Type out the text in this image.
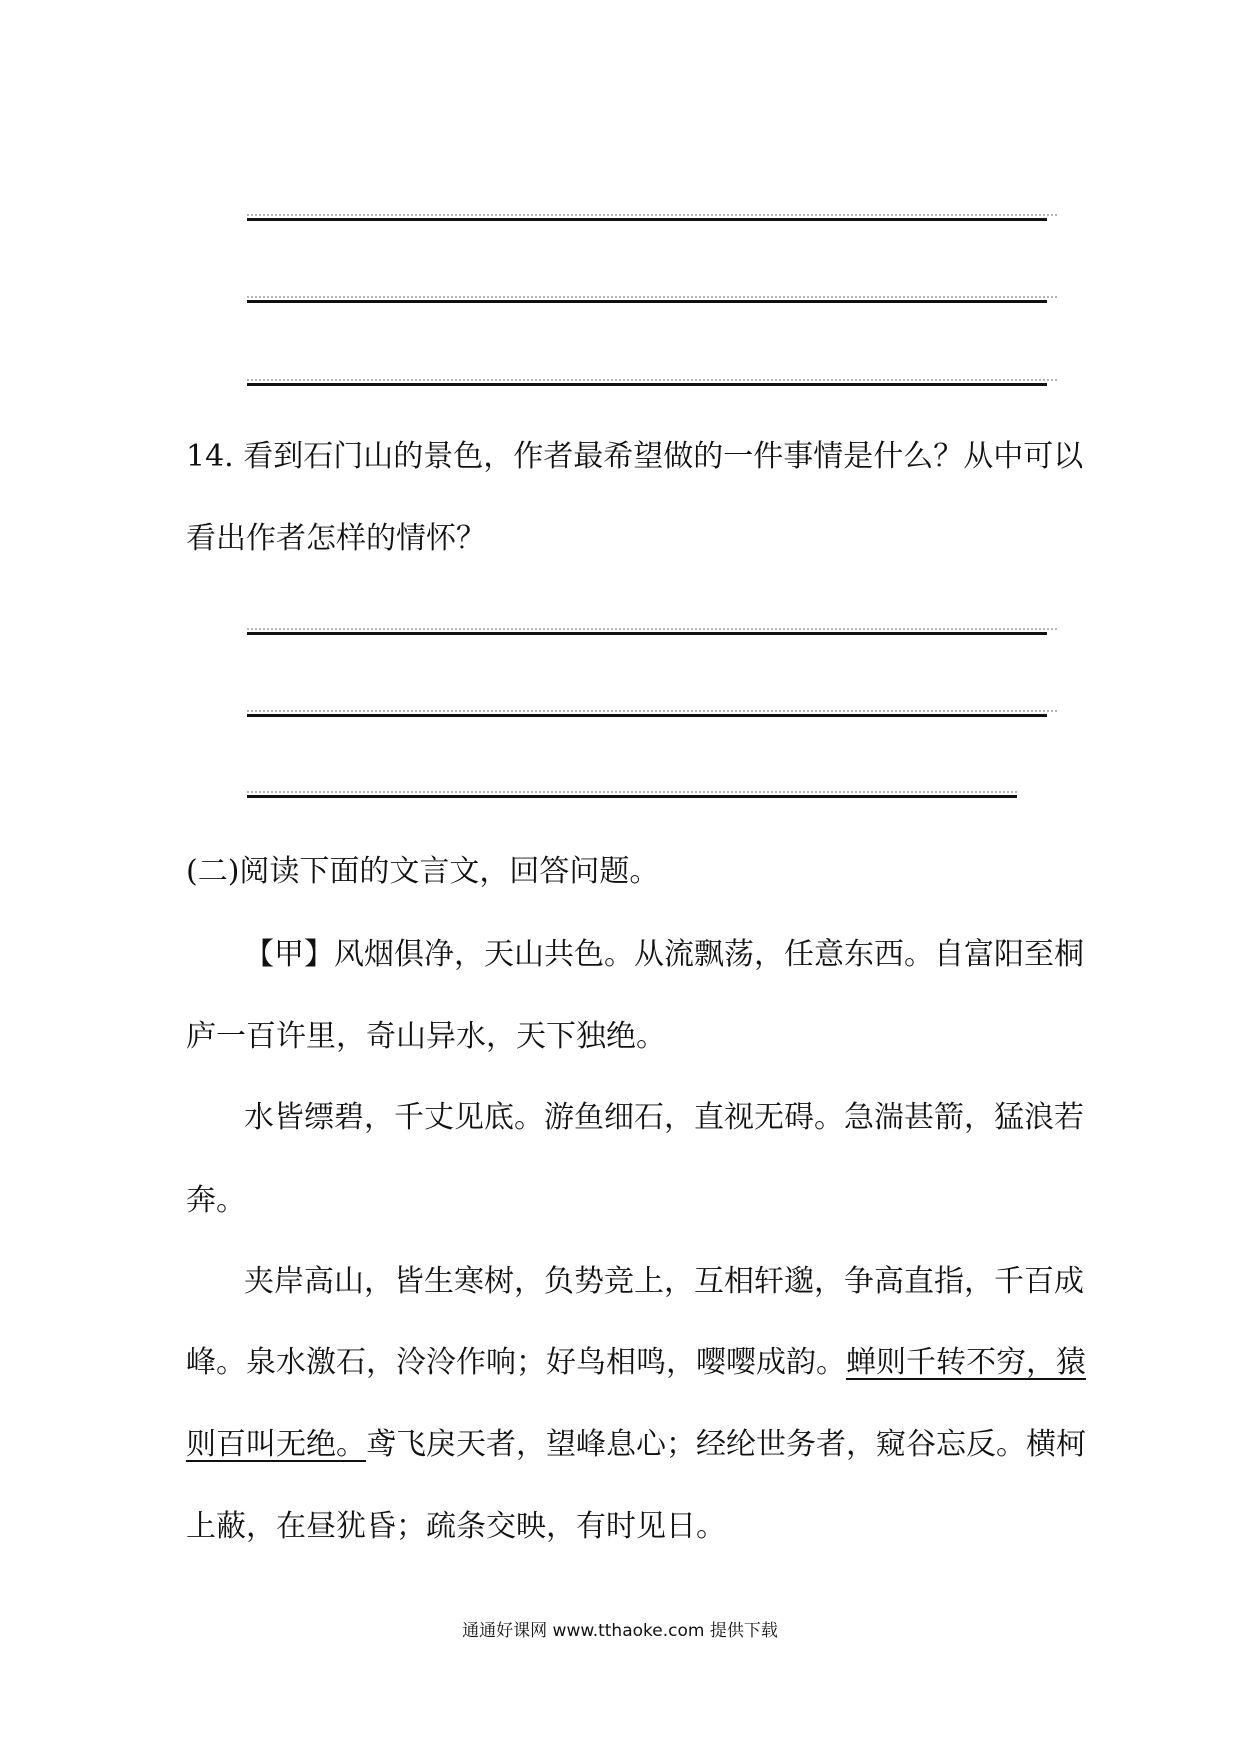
14. 看到石门山的景色，作者最希望做的一件事情是什么？从中可以
看出作者怎样的情怀？
(二)阅读下面的文言文，回答问题。
【甲】风烟俱净，天山共色。从流飘荡，任意东西。自富阳至桐
庐一百许里，奇山异水，天下独绝。
水皆缥碧，千丈见底。游鱼细石，直视无碍。急湍甚箭，猛浪若
奔。
夹岸高山，皆生寒树，负势竞上，互相轩邈，争高直指，千百成
峰。泉水激石，泠泠作响；好鸟相鸣，嘤嘤成韵。蝉则千转不穷，猿
则百叫无绝。鸢飞戾天者，望峰息心；经纶世务者，窥谷忘反。横柯
上蔽，在昼犹昏；疏条交映，有时见日。
通通好课网 www.tthaoke.com 提供下载
